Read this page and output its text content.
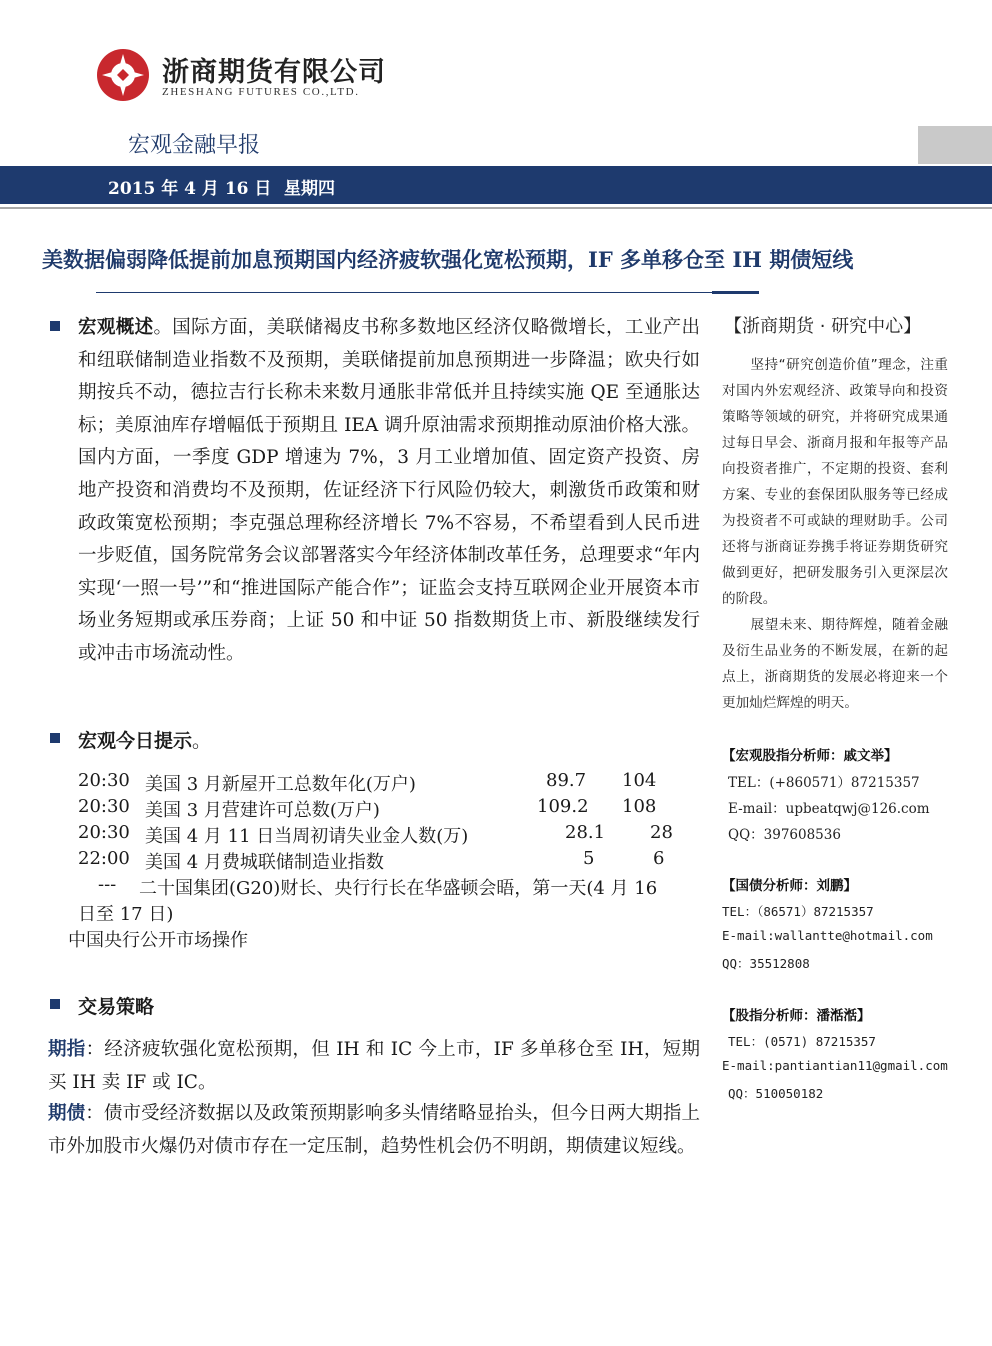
浙商期货有限公司
ZHESHANG FUTURES CO.,LTD.
宏观金融早报
2015 年 4 月 16 日 星期四
美数据偏弱降低提前加息预期国内经济疲软强化宽松预期，IF 多单移仓至 IH 期债短线
宏观概述。国际方面，美联储褐皮书称多数地区经济仅略微增长，工业产出和纽联储制造业指数不及预期，美联储提前加息预期进一步降温；欧央行如期按兵不动，德拉吉行长称未来数月通胀非常低并且持续实施 QE 至通胀达标；美原油库存增幅低于预期且 IEA 调升原油需求预期推动原油价格大涨。国内方面，一季度 GDP 增速为 7%，3 月工业增加值、固定资产投资、房地产投资和消费均不及预期，佐证经济下行风险仍较大，刺激货币政策和财政政策宽松预期；李克强总理称经济增长 7%不容易，不希望看到人民币进一步贬值，国务院常务会议部署落实今年经济体制改革任务，总理要求“年内实现‘一照一号’”和“推进国际产能合作”；证监会支持互联网企业开展资本市场业务短期或承压券商；上证 50 和中证 50 指数期货上市、新股继续发行或冲击市场流动性。
宏观今日提示。
20:30 美国 3 月新屋开工总数年化(万户)	89.7 104
20:30 美国 3 月营建许可总数(万户)	109.2 108
20:30 美国 4 月 11 日当周初请失业金人数(万)	28.1 28
22:00 美国 4 月费城联储制造业指数	5	6
--- 二十国集团(G20)财长、央行行长在华盛顿会晤，第一天(4 月 16
日至 17 日)
中国央行公开市场操作
交易策略
期指：经济疲软强化宽松预期，但 IH 和 IC 今上市，IF 多单移仓至 IH，短期买 IH 卖 IF 或 IC。
期债：债市受经济数据以及政策预期影响多头情绪略显抬头，但今日两大期指上市外加股市火爆仍对债市存在一定压制，趋势性机会仍不明朗，期债建议短线。
【浙商期货 · 研究中心】
坚持“研究创造价值”理念，注重对国内外宏观经济、政策导向和投资策略等领域的研究，并将研究成果通过每日早会、浙商月报和年报等产品向投资者推广，不定期的投资、套利方案、专业的套保团队服务等已经成为投资者不可或缺的理财助手。公司还将与浙商证券携手将证券期货研究做到更好，把研发服务引入更深层次的阶段。
展望未来、期待辉煌，随着金融及衍生品业务的不断发展，在新的起点上，浙商期货的发展必将迎来一个更加灿烂辉煌的明天。
【宏观股指分析师：戚文举】
TEL：(+860571）87215357
E-mail：upbeatqwj@126.com
QQ：397608536
【国债分析师：刘鹏】
TEL：（86571）87215357
E-mail:wallantte@hotmail.com
QQ：35512808
【股指分析师：潘湉湉】
TEL：(0571) 87215357
E-mail:pantiantian11@gmail.com
QQ：510050182
